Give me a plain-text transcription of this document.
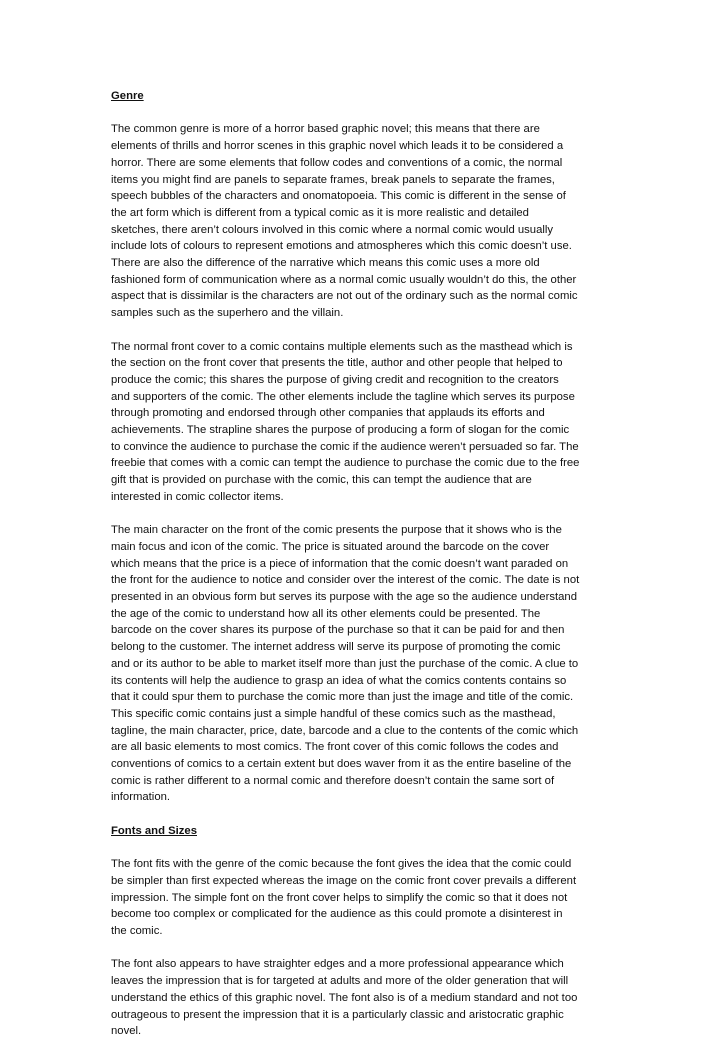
Genre

The common genre is more of a horror based graphic novel; this means that there are
elements of thrills and horror scenes in this graphic novel which leads it to be considered a
horror. There are some elements that follow codes and conventions of a comic, the normal
items you might find are panels to separate frames, break panels to separate the frames,
speech bubbles of the characters and onomatopoeia. This comic is different in the sense of
the art form which is different from a typical comic as it is more realistic and detailed
sketches, there aren’t colours involved in this comic where a normal comic would usually
include lots of colours to represent emotions and atmospheres which this comic doesn’t use.
There are also the difference of the narrative which means this comic uses a more old
fashioned form of communication where as a normal comic usually wouldn’t do this, the other
aspect that is dissimilar is the characters are not out of the ordinary such as the normal comic
samples such as the superhero and the villain.

The normal front cover to a comic contains multiple elements such as the masthead which is
the section on the front cover that presents the title, author and other people that helped to
produce the comic; this shares the purpose of giving credit and recognition to the creators
and supporters of the comic. The other elements include the tagline which serves its purpose
through promoting and endorsed through other companies that applauds its efforts and
achievements. The strapline shares the purpose of producing a form of slogan for the comic
to convince the audience to purchase the comic if the audience weren’t persuaded so far. The
freebie that comes with a comic can tempt the audience to purchase the comic due to the free
gift that is provided on purchase with the comic, this can tempt the audience that are
interested in comic collector items.

The main character on the front of the comic presents the purpose that it shows who is the
main focus and icon of the comic. The price is situated around the barcode on the cover
which means that the price is a piece of information that the comic doesn’t want paraded on
the front for the audience to notice and consider over the interest of the comic. The date is not
presented in an obvious form but serves its purpose with the age so the audience understand
the age of the comic to understand how all its other elements could be presented. The
barcode on the cover shares its purpose of the purchase so that it can be paid for and then
belong to the customer. The internet address will serve its purpose of promoting the comic
and or its author to be able to market itself more than just the purchase of the comic. A clue to
its contents will help the audience to grasp an idea of what the comics contents contains so
that it could spur them to purchase the comic more than just the image and title of the comic.
This specific comic contains just a simple handful of these comics such as the masthead,
tagline, the main character, price, date, barcode and a clue to the contents of the comic which
are all basic elements to most comics. The front cover of this comic follows the codes and
conventions of comics to a certain extent but does waver from it as the entire baseline of the
comic is rather different to a normal comic and therefore doesn’t contain the same sort of
information.

Fonts and Sizes

The font fits with the genre of the comic because the font gives the idea that the comic could
be simpler than first expected whereas the image on the comic front cover prevails a different
impression. The simple font on the front cover helps to simplify the comic so that it does not
become too complex or complicated for the audience as this could promote a disinterest in
the comic.

The font also appears to have straighter edges and a more professional appearance which
leaves the impression that is for targeted at adults and more of the older generation that will
understand the ethics of this graphic novel. The font also is of a medium standard and not too
outrageous to present the impression that it is a particularly classic and aristocratic graphic
novel.
